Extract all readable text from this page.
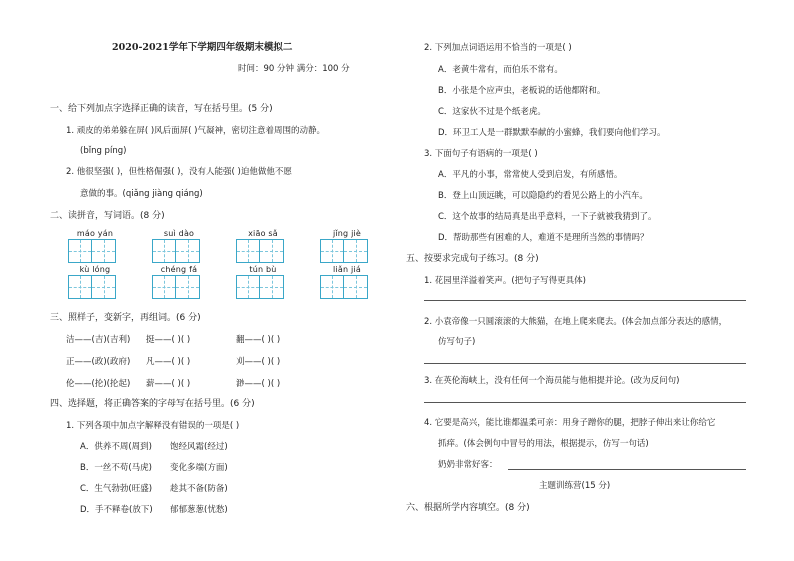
2020-2021学年下学期四年级期末模拟二
时间：90 分钟 满分：100 分
一、给下列加点字选择正确的读音，写在括号里。(5 分)
1. 顽皮的弟弟躲在屏( )风后面屏( )气凝神，密切注意着周围的动静。
(bǐng píng)
2. 他很坚强( )，但性格倔强( )，没有人能强( )迫他做他不愿
意做的事。(qiǎng jiàng qiáng)
二、读拼音，写词语。(8 分)
máo yán	suì dào	xiāo sǎ	jǐng jiè
kù lóng	chéng fá	tún bù	liǎn jiá
三、照样子，变新字，再组词。(6 分)
洁——(吉)(吉利) 挺——( )( )	翻——( )( )
正——(政)(政府) 凡——( )( )	刈——( )( )
伦——(抡)(抡起) 薪——( )( )	渺——( )( )
四、选择题，将正确答案的字母写在括号里。(6 分)
1. 下列各项中加点字解释没有错误的一项是( )
A．供养不周(周到) 饱经风霜(经过)
B．一丝不苟(马虎) 变化多端(方面)
C．生气勃勃(旺盛) 趁其不备(防备)
D．手不释卷(放下) 郁郁葱葱(忧愁)
2. 下列加点词语运用不恰当的一项是( )
A．老黄牛常有，而伯乐不常有。
B．小张是个应声虫，老板说的话他都附和。
C．这家伙不过是个纸老虎。
D．环卫工人是一群默默奉献的小蜜蜂，我们要向他们学习。
3. 下面句子有语病的一项是( )
A．平凡的小事，常常使人受到启发，有所感悟。
B．登上山顶远眺，可以隐隐约约看见公路上的小汽车。
C．这个故事的结局真是出乎意料，一下子就被我猜到了。
D．帮助那些有困难的人，难道不是理所当然的事情吗？
五、按要求完成句子练习。(8 分)
1. 花园里洋溢着笑声。(把句子写得更具体)
2. 小袁帝像一只圆滚滚的大熊猫，在地上爬来爬去。(体会加点部分表达的感情，
仿写句子)
3. 在英伦海峡上，没有任何一个海员能与他相提并论。(改为反问句)
4. 它要是高兴，能比谁都温柔可亲：用身子蹭你的腿，把脖子伸出来让你给它
抓痒。(体会例句中冒号的用法，根据提示，仿写一句话)
奶奶非常好客：
主题训练营(15 分)
六、根据所学内容填空。(8 分)
